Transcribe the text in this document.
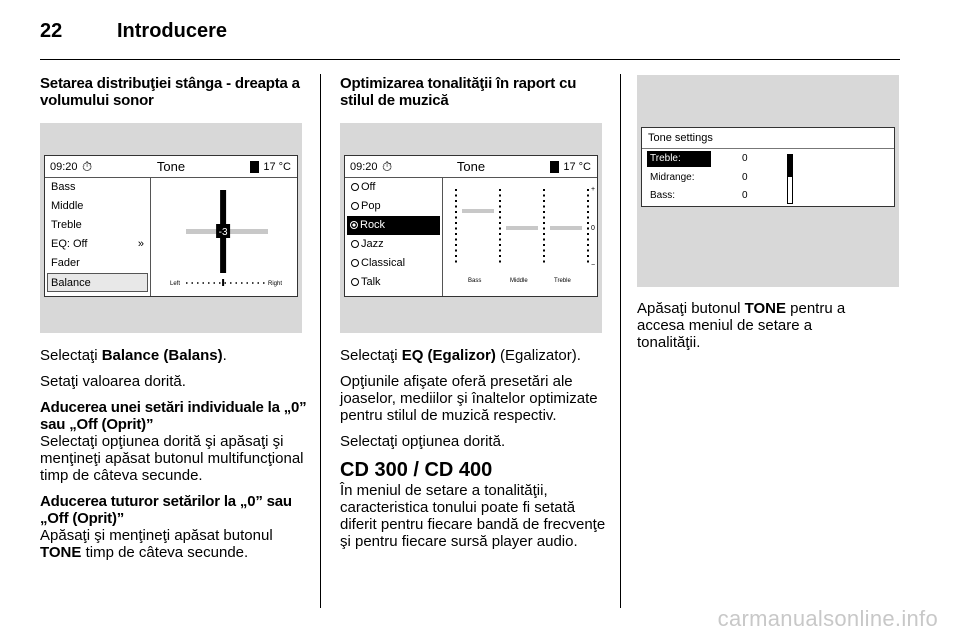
22	Introducere
Setarea distribuţiei stânga - dreapta a volumului sonor
09:20 ⏱	Tone	17 °C
Bass
Middle
Treble
EQ: Off	»
Fader
Balance
-3
Left	Right

Selectaţi Balance (Balans).

Setaţi valoarea dorită.

Aducerea unei setări individuale la „0” sau „Off (Oprit)”

Selectaţi opţiunea dorită şi apăsaţi şi menţineţi apăsat butonul multifuncţional timp de câteva secunde.

Aducerea tuturor setărilor la „0” sau „Off (Oprit)”

Apăsaţi şi menţineţi apăsat butonul TONE timp de câteva secunde.

Optimizarea tonalităţii în raport cu stilul de muzică
09:20 ⏱	Tone	17 °C
Off
Pop
Rock
Jazz
Classical
Talk
+
0
−
Bass	Middle	Treble

Selectaţi EQ (Egalizor) (Egalizator).

Opţiunile afişate oferă presetări ale joaselor, mediilor şi înaltelor optimizate pentru stilul de muzică respectiv.

Selectaţi opţiunea dorită.

CD 300 / CD 400

În meniul de setare a tonalităţii, caracteristica tonului poate fi setată diferit pentru fiecare bandă de frecvenţe şi pentru fiecare sursă player audio.

Tone settings
Treble:	0
Midrange:	0
Bass:	0

Apăsaţi butonul TONE pentru a accesa meniul de setare a tonalităţii.

carmanualsonline.info
